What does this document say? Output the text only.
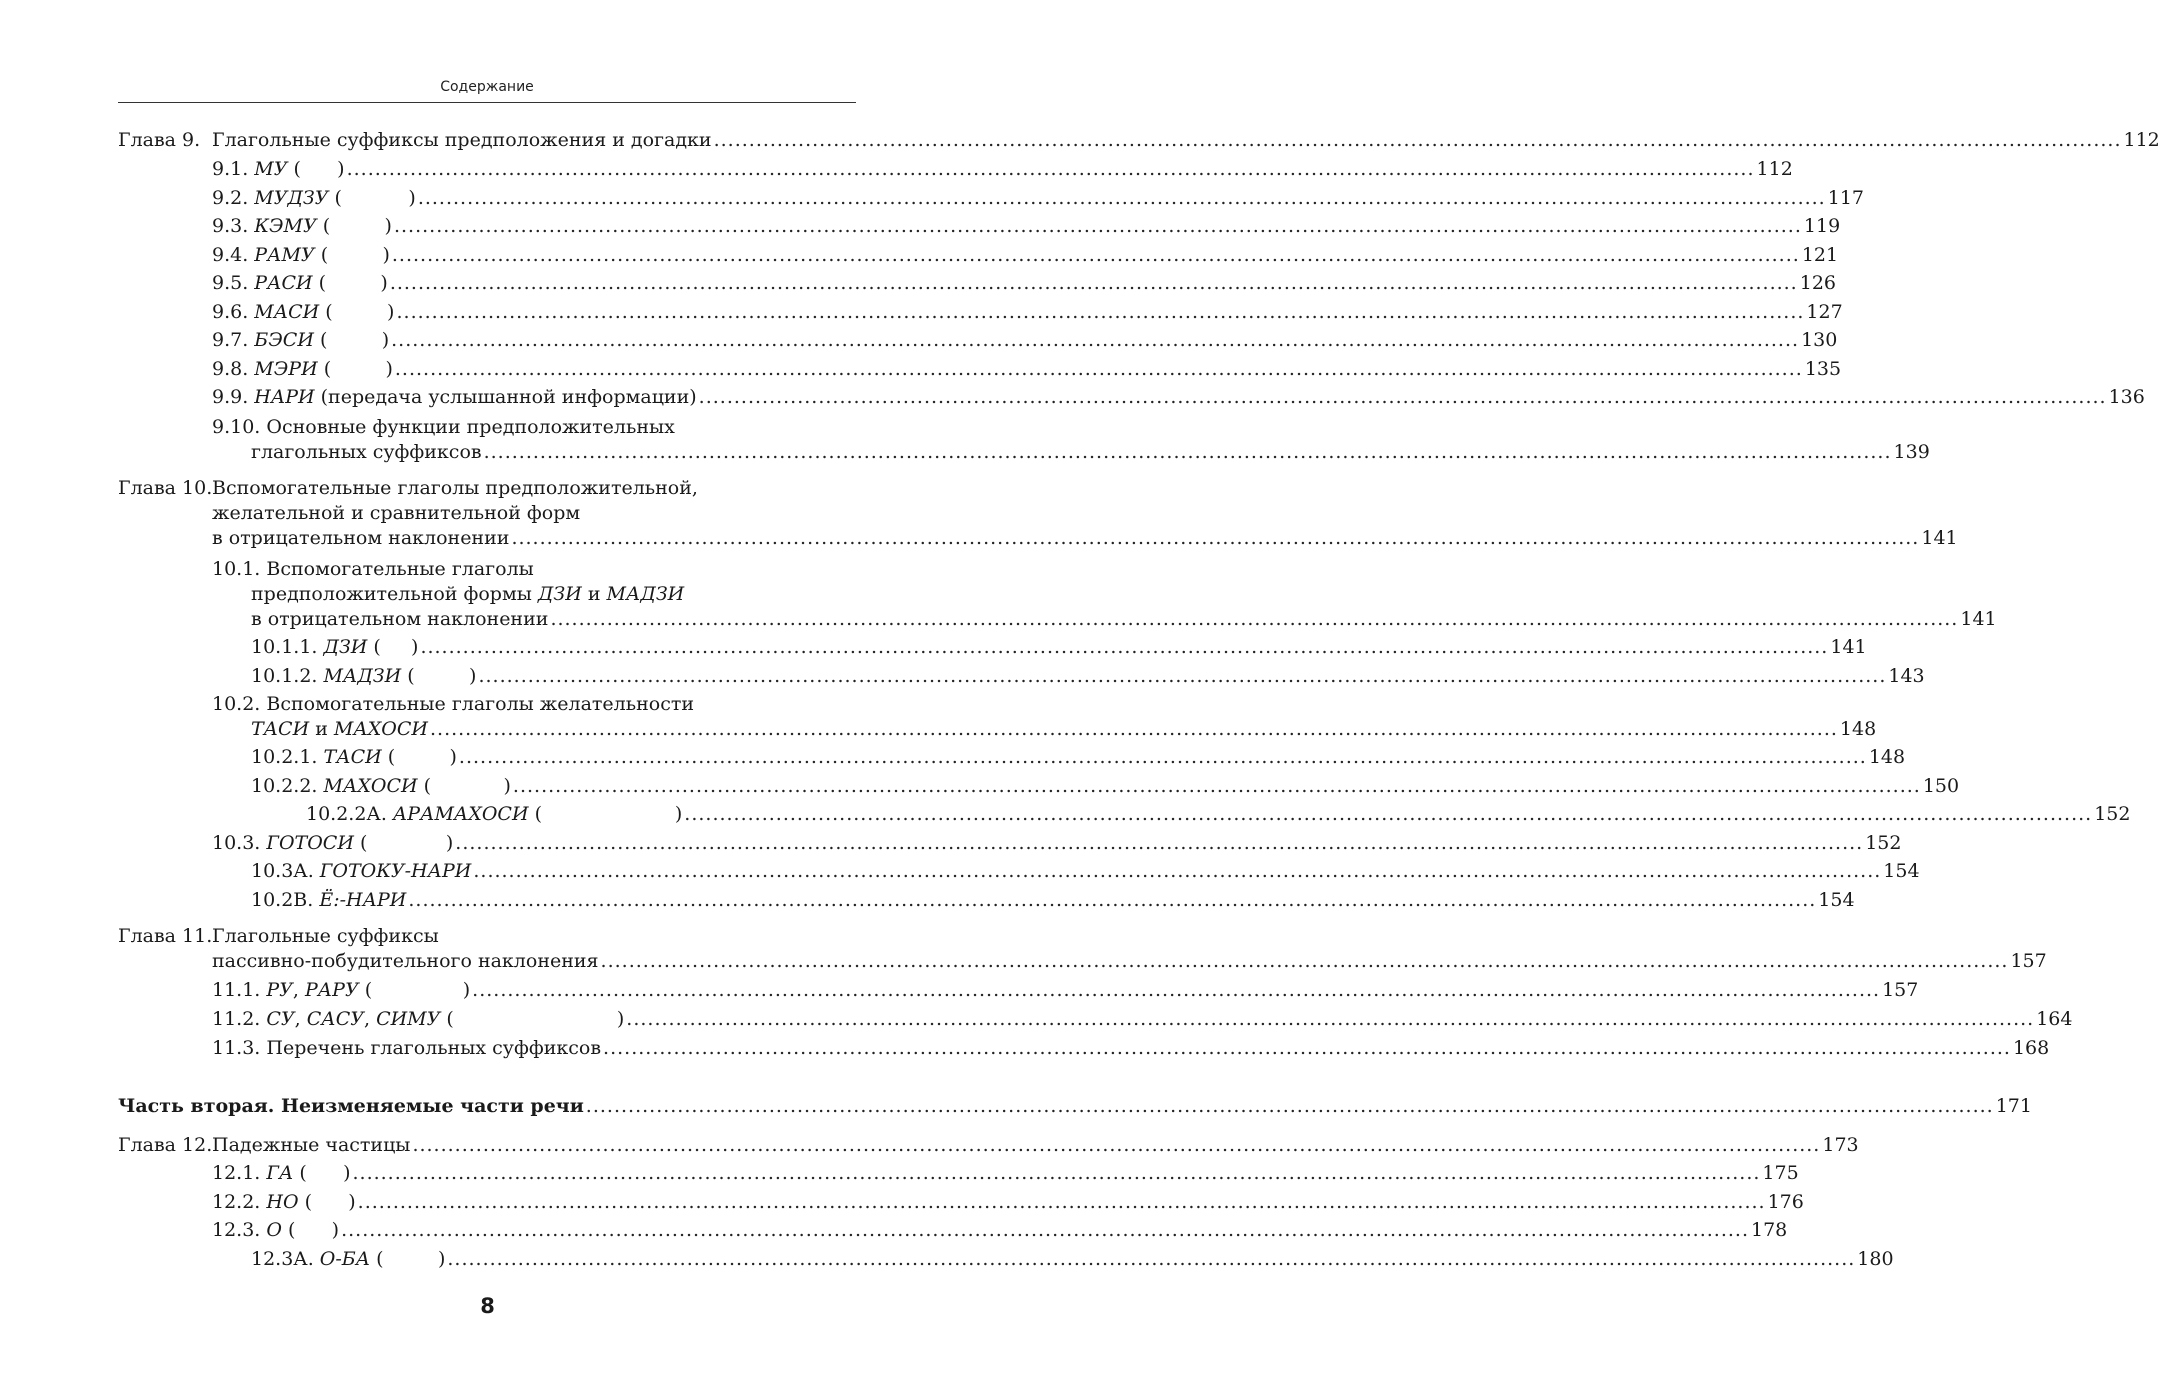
Содержание
Глава 9. Глагольные суффиксы предположения и догадки ........................................................................................................................................................................................................ 112
9.1. МУ (      ) ........................................................................................................................................................................................................ 112
9.2. МУДЗУ (           ) ........................................................................................................................................................................................................ 117
9.3. КЭМУ (         ) ........................................................................................................................................................................................................ 119
9.4. РАМУ (         ) ........................................................................................................................................................................................................ 121
9.5. РАСИ (         ) ........................................................................................................................................................................................................ 126
9.6. МАСИ (         ) ........................................................................................................................................................................................................ 127
9.7. БЭСИ (         ) ........................................................................................................................................................................................................ 130
9.8. МЭРИ (         ) ........................................................................................................................................................................................................ 135
9.9. НАРИ (передача услышанной информации) ........................................................................................................................................................................................................ 136
9.10. Основные функции предположительных
глагольных суффиксов ........................................................................................................................................................................................................ 139
Глава 10. Вспомогательные глаголы предположительной,
желательной и сравнительной форм
в отрицательном наклонении ........................................................................................................................................................................................................ 141
10.1. Вспомогательные глаголы
предположительной формы ДЗИ и МАДЗИ
в отрицательном наклонении ........................................................................................................................................................................................................ 141
10.1.1. ДЗИ (     ) ........................................................................................................................................................................................................ 141
10.1.2. МАДЗИ (         ) ........................................................................................................................................................................................................ 143
10.2. Вспомогательные глаголы желательности
ТАСИ и МАХОСИ ........................................................................................................................................................................................................ 148
10.2.1. ТАСИ (         ) ........................................................................................................................................................................................................ 148
10.2.2. МАХОСИ (            ) ........................................................................................................................................................................................................ 150
10.2.2А. АРАМАХОСИ (                      ) ........................................................................................................................................................................................................ 152
10.3. ГОТОСИ (             ) ........................................................................................................................................................................................................ 152
10.3А. ГОТОКУ-НАРИ ........................................................................................................................................................................................................ 154
10.2В. Ё:-НАРИ ........................................................................................................................................................................................................ 154
Глава 11. Глагольные суффиксы
пассивно-побудительного наклонения ........................................................................................................................................................................................................ 157
11.1. РУ , РАРУ (               ) ........................................................................................................................................................................................................ 157
11.2. СУ , САСУ , СИМУ (                           ) ........................................................................................................................................................................................................ 164
11.3. Перечень глагольных суффиксов ........................................................................................................................................................................................................ 168
Часть вторая. Неизменяемые части речи ........................................................................................................................................................................................................ 171
Глава 12. Падежные частицы ........................................................................................................................................................................................................ 173
12.1. ГА (      ) ........................................................................................................................................................................................................ 175
12.2. НО (      ) ........................................................................................................................................................................................................ 176
12.3. О (      ) ........................................................................................................................................................................................................ 178
12.3А. О-БА (         ) ........................................................................................................................................................................................................ 180
8
